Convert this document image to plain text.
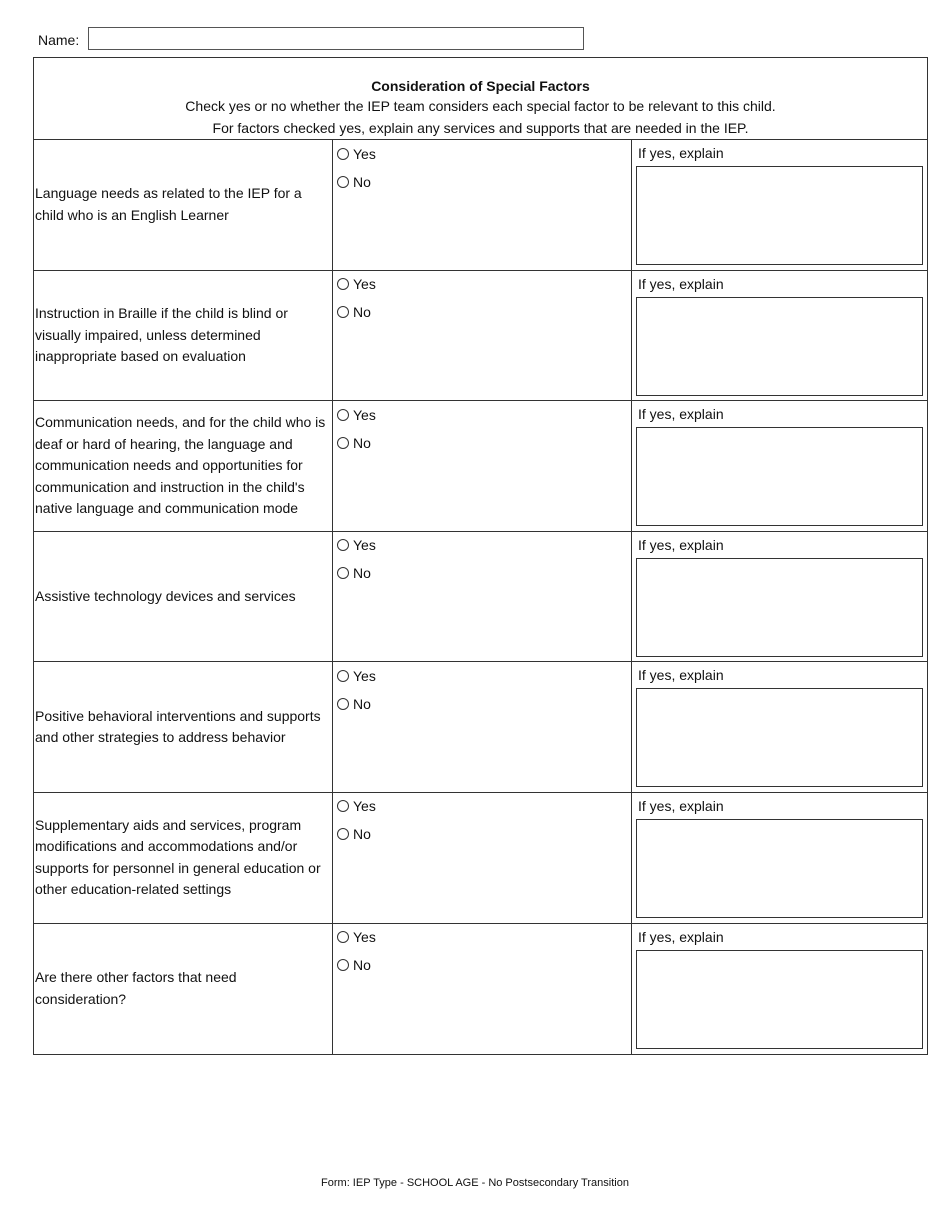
Name:
Consideration of Special Factors
Check yes or no whether the IEP team considers each special factor to be relevant to this child.
For factors checked yes, explain any services and supports that are needed in the IEP.
Language needs as related to the IEP for a child who is an English Learner
Yes
No
If yes, explain
Instruction in Braille if the child is blind or visually impaired, unless determined inappropriate based on evaluation
Yes
No
If yes, explain
Communication needs, and for the child who is deaf or hard of hearing, the language and communication needs and opportunities for communication and instruction in the child's native language and communication mode
Yes
No
If yes, explain
Assistive technology devices and services
Yes
No
If yes, explain
Positive behavioral interventions and supports and other strategies to address behavior
Yes
No
If yes, explain
Supplementary aids and services, program modifications and accommodations and/or supports for personnel in general education or other education-related settings
Yes
No
If yes, explain
Are there other factors that need consideration?
Yes
No
If yes, explain
Form: IEP Type - SCHOOL AGE - No Postsecondary Transition
